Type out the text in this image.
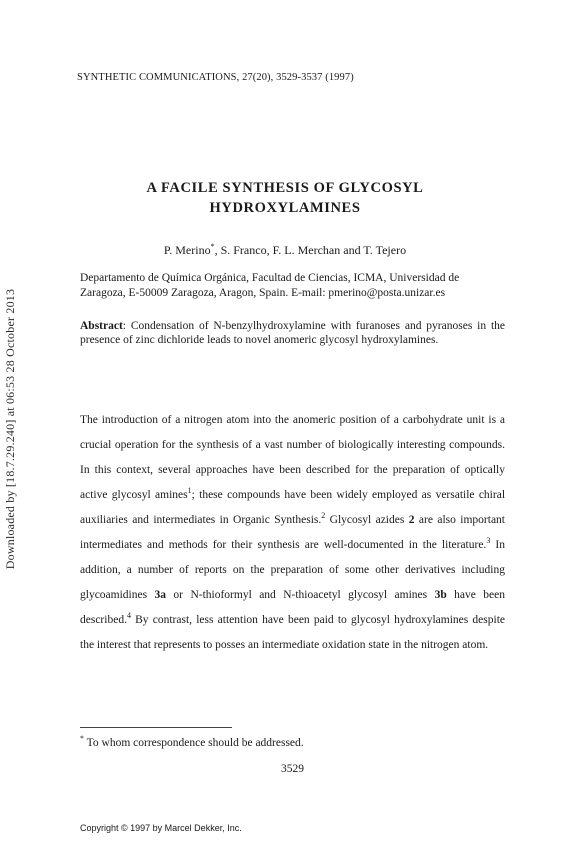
Downloaded by [18.7.29.240] at 06:53 28 October 2013
SYNTHETIC COMMUNICATIONS, 27(20), 3529-3537 (1997)
A FACILE SYNTHESIS OF GLYCOSYL
HYDROXYLAMINES
P. Merino*, S. Franco, F. L. Merchan and T. Tejero
Departamento de Química Orgánica, Facultad de Ciencias, ICMA, Universidad de
Zaragoza, E-50009 Zaragoza, Aragon, Spain. E-mail: pmerino@posta.unizar.es
Abstract: Condensation of N-benzylhydroxylamine with furanoses and pyranoses in the presence of zinc dichloride leads to novel anomeric glycosyl hydroxylamines.

The introduction of a nitrogen atom into the anomeric position of a carbohydrate unit is a crucial operation for the synthesis of a vast number of biologically interesting compounds. In this context, several approaches have been described for the preparation of optically active glycosyl amines$^1$; these compounds have been widely employed as versatile chiral auxiliaries and intermediates in Organic Synthesis.$^2$ Glycosyl azides 2 are also important intermediates and methods for their synthesis are well-documented in the literature.$^3$ In addition, a number of reports on the preparation of some other derivatives including glycoamidines 3a or N-thioformyl and N-thioacetyl glycosyl amines 3b have been described.$^4$ By contrast, less attention have been paid to glycosyl hydroxylamines despite the interest that represents to posses an intermediate oxidation state in the nitrogen atom.

* To whom correspondence should be addressed.
3529
Copyright © 1997 by Marcel Dekker, Inc.
